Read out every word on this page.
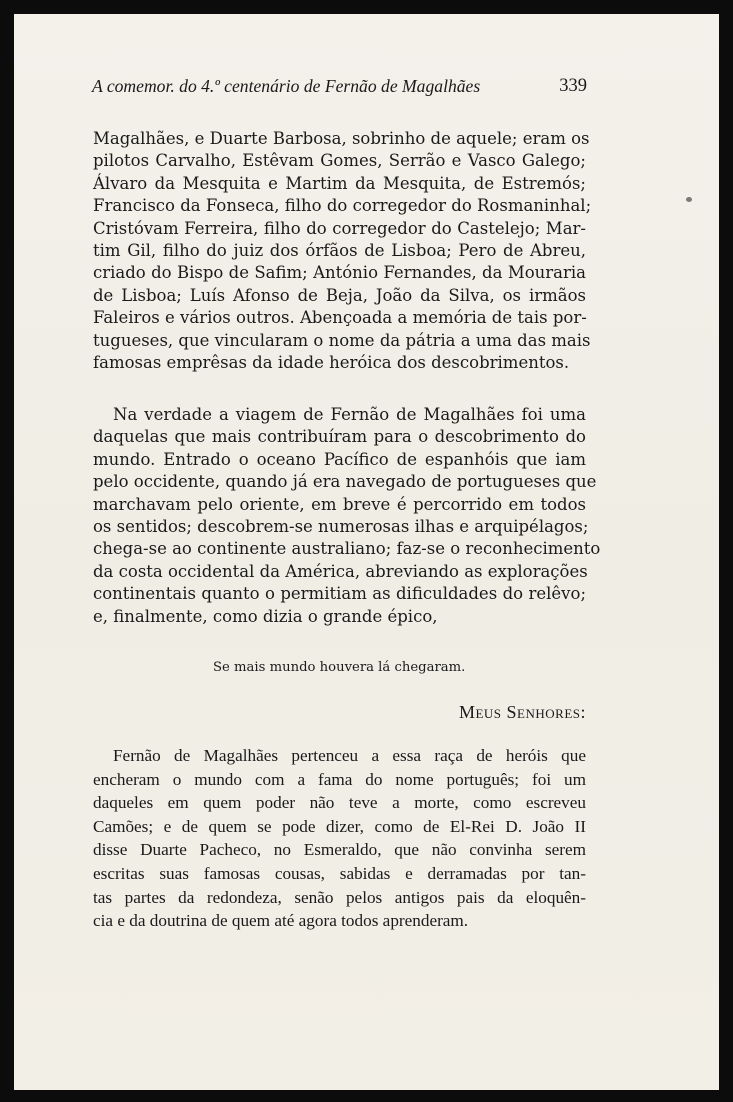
A comemor. do 4.º centenário de Fernão de Magalhães	339
Magalhães, e Duarte Barbosa, sobrinho de aquele; eram os
pilotos Carvalho, Estêvam Gomes, Serrão e Vasco Galego;
Álvaro da Mesquita e Martim da Mesquita, de Estremós;
Francisco da Fonseca, filho do corregedor do Rosmaninhal;
Cristóvam Ferreira, filho do corregedor do Castelejo; Mar-
tim Gil, filho do juiz dos órfãos de Lisboa; Pero de Abreu,
criado do Bispo de Safim; António Fernandes, da Mouraria
de Lisboa; Luís Afonso de Beja, João da Silva, os irmãos
Faleiros e vários outros. Abençoada a memória de tais por-
tugueses, que vincularam o nome da pátria a uma das mais
famosas emprêsas da idade heróica dos descobrimentos.
Na verdade a viagem de Fernão de Magalhães foi uma
daquelas que mais contribuíram para o descobrimento do
mundo. Entrado o oceano Pacífico de espanhóis que iam
pelo occidente, quando já era navegado de portugueses que
marchavam pelo oriente, em breve é percorrido em todos
os sentidos; descobrem-se numerosas ilhas e arquipélagos;
chega-se ao continente australiano; faz-se o reconhecimento
da costa occidental da América, abreviando as explorações
continentais quanto o permitiam as dificuldades do relêvo;
e, finalmente, como dizia o grande épico,
Se mais mundo houvera lá chegaram.
Meus Senhores:
Fernão de Magalhães pertenceu a essa raça de heróis que
encheram o mundo com a fama do nome português; foi um
daqueles em quem poder não teve a morte, como escreveu
Camões; e de quem se pode dizer, como de El-Rei D. João II
disse Duarte Pacheco, no Esmeraldo, que não convinha serem
escritas suas famosas cousas, sabidas e derramadas por tan-
tas partes da redondeza, senão pelos antigos pais da eloquên-
cia e da doutrina de quem até agora todos aprenderam.
